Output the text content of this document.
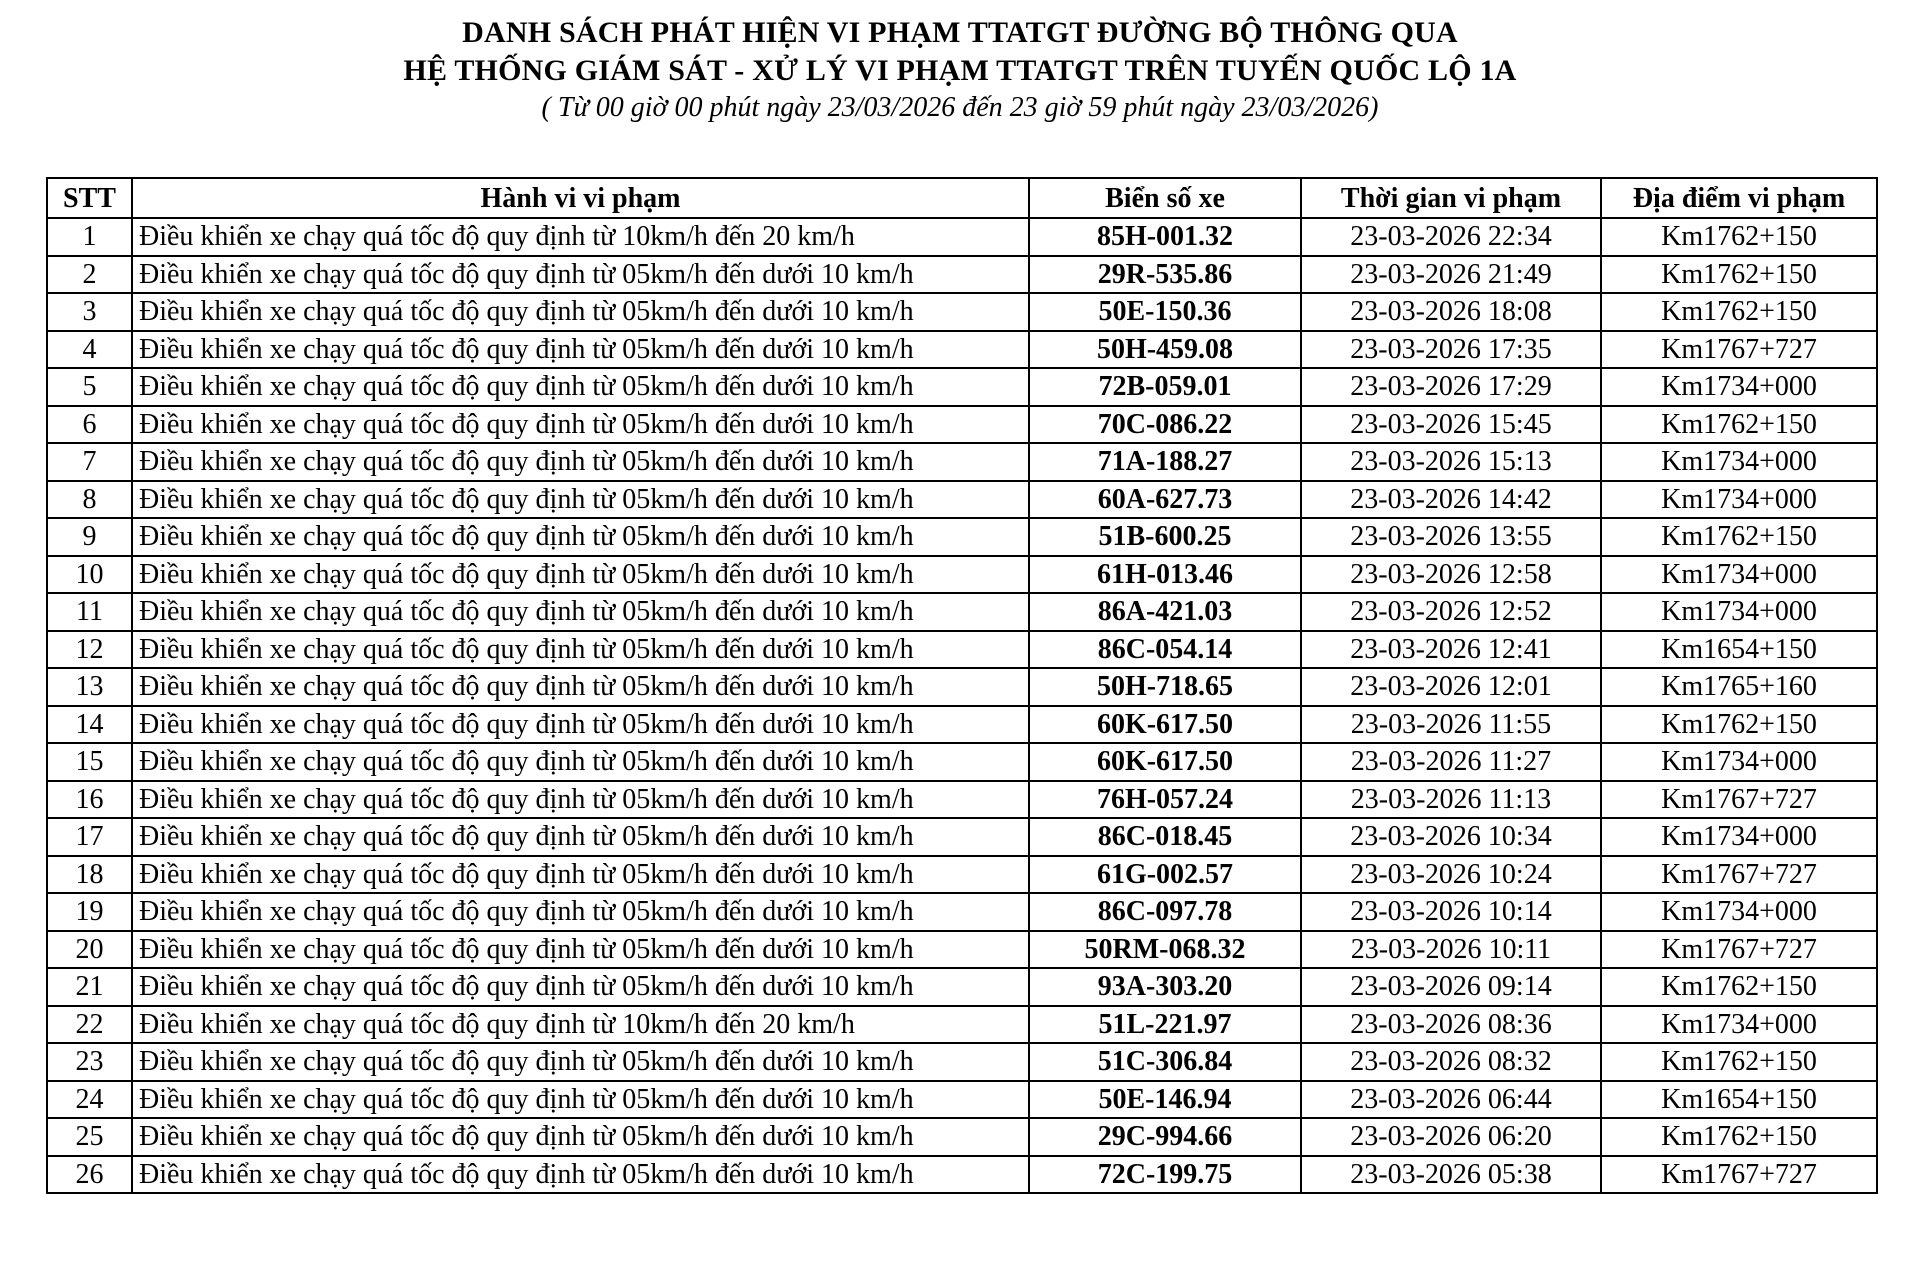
DANH SÁCH PHÁT HIỆN VI PHẠM TTATGT ĐƯỜNG BỘ THÔNG QUA
HỆ THỐNG GIÁM SÁT - XỬ LÝ VI PHẠM TTATGT TRÊN TUYẾN QUỐC LỘ 1A
( Từ 00 giờ 00 phút ngày 23/03/2026 đến 23 giờ 59 phút ngày 23/03/2026)
STT	Hành vi vi phạm	Biển số xe	Thời gian vi phạm	Địa điểm vi phạm
1	Điều khiển xe chạy quá tốc độ quy định từ 10km/h đến 20 km/h	85H-001.32	23-03-2026 22:34	Km1762+150
2	Điều khiển xe chạy quá tốc độ quy định từ 05km/h đến dưới 10 km/h	29R-535.86	23-03-2026 21:49	Km1762+150
3	Điều khiển xe chạy quá tốc độ quy định từ 05km/h đến dưới 10 km/h	50E-150.36	23-03-2026 18:08	Km1762+150
4	Điều khiển xe chạy quá tốc độ quy định từ 05km/h đến dưới 10 km/h	50H-459.08	23-03-2026 17:35	Km1767+727
5	Điều khiển xe chạy quá tốc độ quy định từ 05km/h đến dưới 10 km/h	72B-059.01	23-03-2026 17:29	Km1734+000
6	Điều khiển xe chạy quá tốc độ quy định từ 05km/h đến dưới 10 km/h	70C-086.22	23-03-2026 15:45	Km1762+150
7	Điều khiển xe chạy quá tốc độ quy định từ 05km/h đến dưới 10 km/h	71A-188.27	23-03-2026 15:13	Km1734+000
8	Điều khiển xe chạy quá tốc độ quy định từ 05km/h đến dưới 10 km/h	60A-627.73	23-03-2026 14:42	Km1734+000
9	Điều khiển xe chạy quá tốc độ quy định từ 05km/h đến dưới 10 km/h	51B-600.25	23-03-2026 13:55	Km1762+150
10	Điều khiển xe chạy quá tốc độ quy định từ 05km/h đến dưới 10 km/h	61H-013.46	23-03-2026 12:58	Km1734+000
11	Điều khiển xe chạy quá tốc độ quy định từ 05km/h đến dưới 10 km/h	86A-421.03	23-03-2026 12:52	Km1734+000
12	Điều khiển xe chạy quá tốc độ quy định từ 05km/h đến dưới 10 km/h	86C-054.14	23-03-2026 12:41	Km1654+150
13	Điều khiển xe chạy quá tốc độ quy định từ 05km/h đến dưới 10 km/h	50H-718.65	23-03-2026 12:01	Km1765+160
14	Điều khiển xe chạy quá tốc độ quy định từ 05km/h đến dưới 10 km/h	60K-617.50	23-03-2026 11:55	Km1762+150
15	Điều khiển xe chạy quá tốc độ quy định từ 05km/h đến dưới 10 km/h	60K-617.50	23-03-2026 11:27	Km1734+000
16	Điều khiển xe chạy quá tốc độ quy định từ 05km/h đến dưới 10 km/h	76H-057.24	23-03-2026 11:13	Km1767+727
17	Điều khiển xe chạy quá tốc độ quy định từ 05km/h đến dưới 10 km/h	86C-018.45	23-03-2026 10:34	Km1734+000
18	Điều khiển xe chạy quá tốc độ quy định từ 05km/h đến dưới 10 km/h	61G-002.57	23-03-2026 10:24	Km1767+727
19	Điều khiển xe chạy quá tốc độ quy định từ 05km/h đến dưới 10 km/h	86C-097.78	23-03-2026 10:14	Km1734+000
20	Điều khiển xe chạy quá tốc độ quy định từ 05km/h đến dưới 10 km/h	50RM-068.32	23-03-2026 10:11	Km1767+727
21	Điều khiển xe chạy quá tốc độ quy định từ 05km/h đến dưới 10 km/h	93A-303.20	23-03-2026 09:14	Km1762+150
22	Điều khiển xe chạy quá tốc độ quy định từ 10km/h đến 20 km/h	51L-221.97	23-03-2026 08:36	Km1734+000
23	Điều khiển xe chạy quá tốc độ quy định từ 05km/h đến dưới 10 km/h	51C-306.84	23-03-2026 08:32	Km1762+150
24	Điều khiển xe chạy quá tốc độ quy định từ 05km/h đến dưới 10 km/h	50E-146.94	23-03-2026 06:44	Km1654+150
25	Điều khiển xe chạy quá tốc độ quy định từ 05km/h đến dưới 10 km/h	29C-994.66	23-03-2026 06:20	Km1762+150
26	Điều khiển xe chạy quá tốc độ quy định từ 05km/h đến dưới 10 km/h	72C-199.75	23-03-2026 05:38	Km1767+727
